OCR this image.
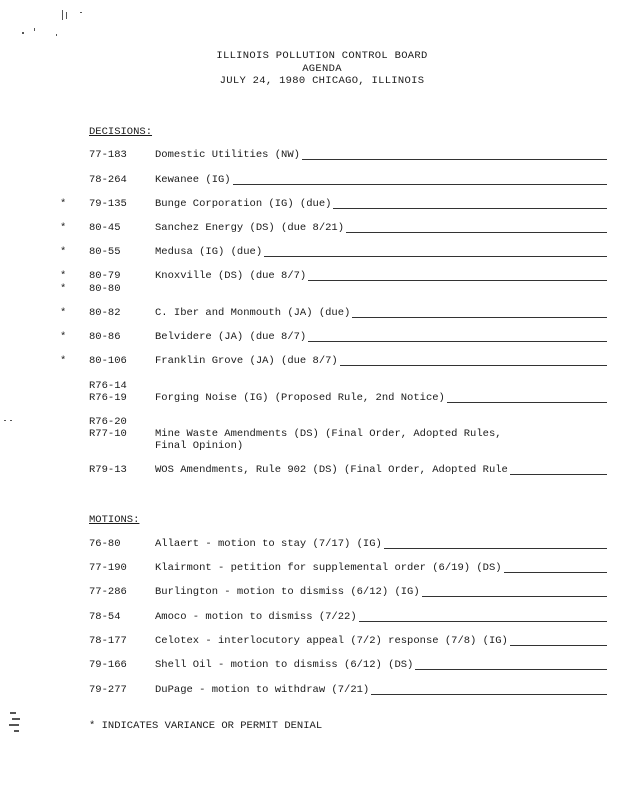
ILLINOIS POLLUTION CONTROL BOARD
AGENDA
JULY 24, 1980 CHICAGO, ILLINOIS
DECISIONS:
77-183	Domestic Utilities (NW)
78-264	Kewanee (IG)
*	79-135	Bunge Corporation (IG) (due)
*	80-45	Sanchez Energy (DS) (due 8/21)
*	80-55	Medusa (IG) (due)
*	80-79	Knoxville (DS) (due 8/7)
*	80-80
*	80-82	C. Iber and Monmouth (JA) (due)
*	80-86	Belvidere (JA) (due 8/7)
*	80-106	Franklin Grove (JA) (due 8/7)
R76-14
R76-19	Forging Noise (IG) (Proposed Rule, 2nd Notice)
R76-20
R77-10	Mine Waste Amendments (DS) (Final Order, Adopted Rules,
Final Opinion)
R79-13	WOS Amendments, Rule 902 (DS) (Final Order, Adopted Rule
MOTIONS:
76-80	Allaert - motion to stay (7/17) (IG)
77-190	Klairmont - petition for supplemental order (6/19) (DS)
77-286	Burlington - motion to dismiss (6/12) (IG)
78-54	Amoco - motion to dismiss (7/22)
78-177	Celotex - interlocutory appeal (7/2) response (7/8) (IG)
79-166	Shell Oil - motion to dismiss (6/12) (DS)
79-277	DuPage - motion to withdraw (7/21)
* INDICATES VARIANCE OR PERMIT DENIAL
